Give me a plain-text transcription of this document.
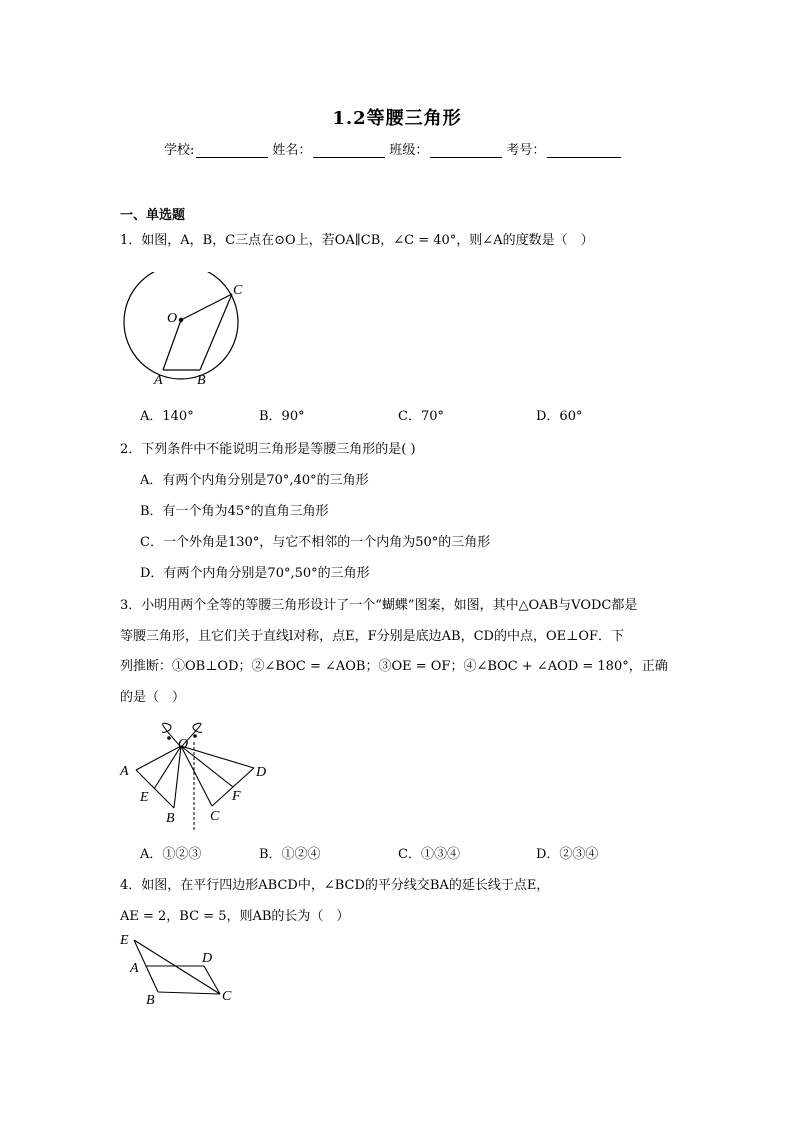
1.2等腰三角形
学校:	姓名：	班级：	考号：
一、单选题
1．如图，A，B，C三点在⊙O上，若OA∥CB，∠C = 40°，则∠A的度数是（　）
O
C
A B
A．140°	B．90°	C．70°	D．60°
2．下列条件中不能说明三角形是等腰三角形的是( )
A．有两个内角分别是70°,40°的三角形
B．有一个角为45°的直角三角形
C．一个外角是130°，与它不相邻的一个内角为50°的三角形
D．有两个内角分别是70°,50°的三角形
3．小明用两个全等的等腰三角形设计了一个“蝴蝶”图案，如图，其中△OAB与VODC都是
等腰三角形，且它们关于直线l对称，点E，F分别是底边AB，CD的中点，OE⊥OF．下
列推断：①OB⊥OD；②∠BOC = ∠AOB；③OE = OF；④∠BOC + ∠AOD = 180°，正确
的是（　）
O
A
E
B	C
F
D
A．①②③	B．①②④	C．①③④	D．②③④
4．如图，在平行四边形ABCD中，∠BCD的平分线交BA的延长线于点E，
AE = 2，BC = 5，则AB的长为（　）
E
A
D
C
B
